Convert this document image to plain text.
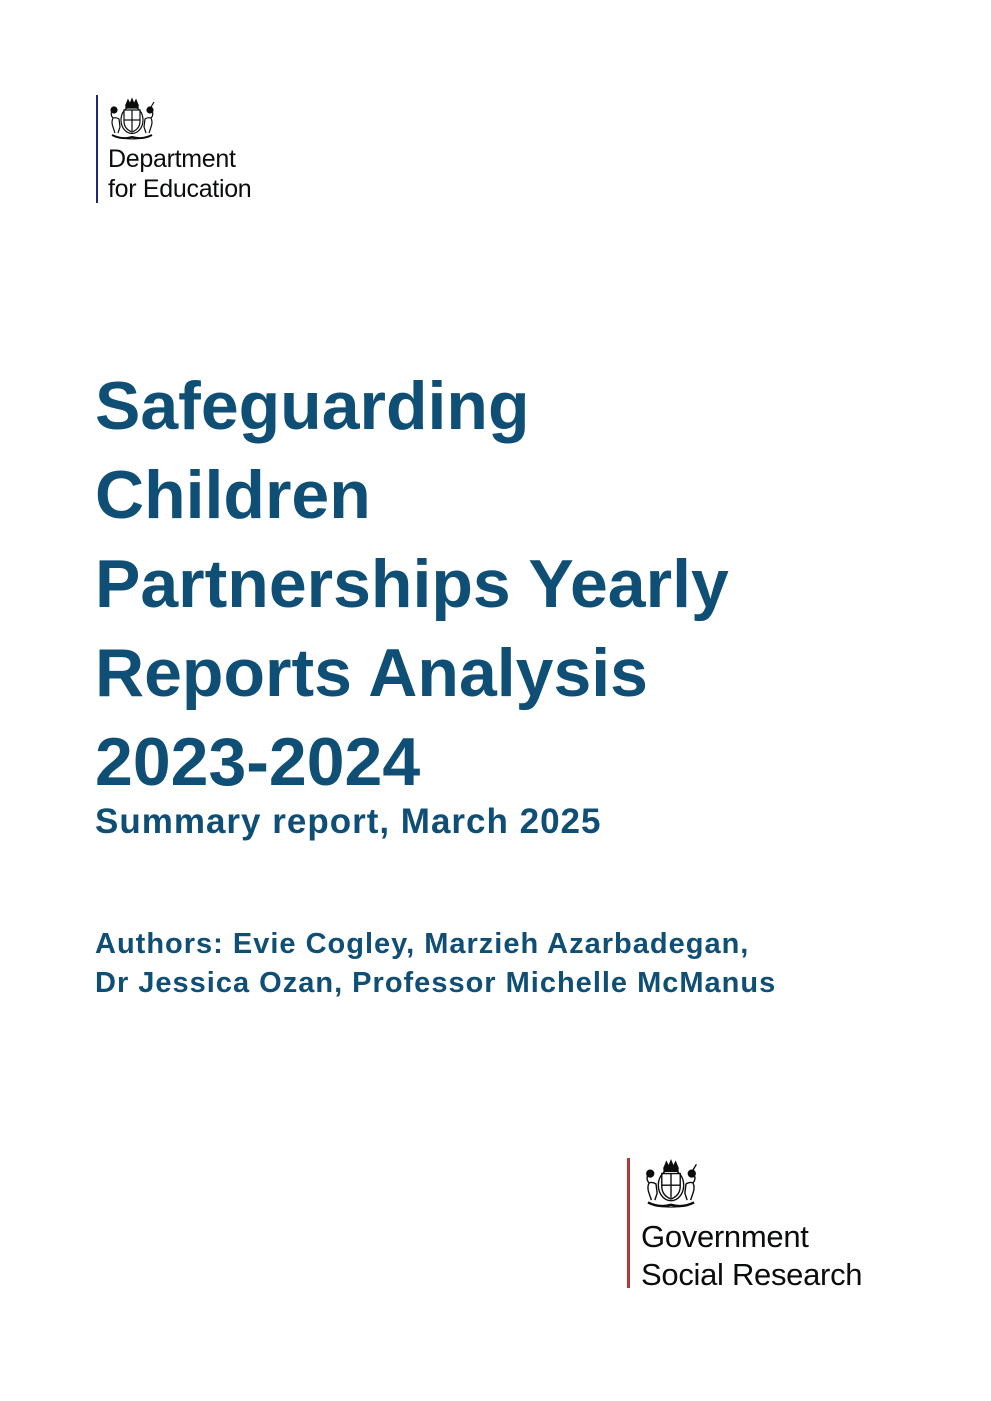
Department
for Education
Safeguarding
Children
Partnerships Yearly
Reports Analysis
2023-2024
Summary report, March 2025

Authors: Evie Cogley, Marzieh Azarbadegan,
Dr Jessica Ozan, Professor Michelle McManus

Government
Social Research
